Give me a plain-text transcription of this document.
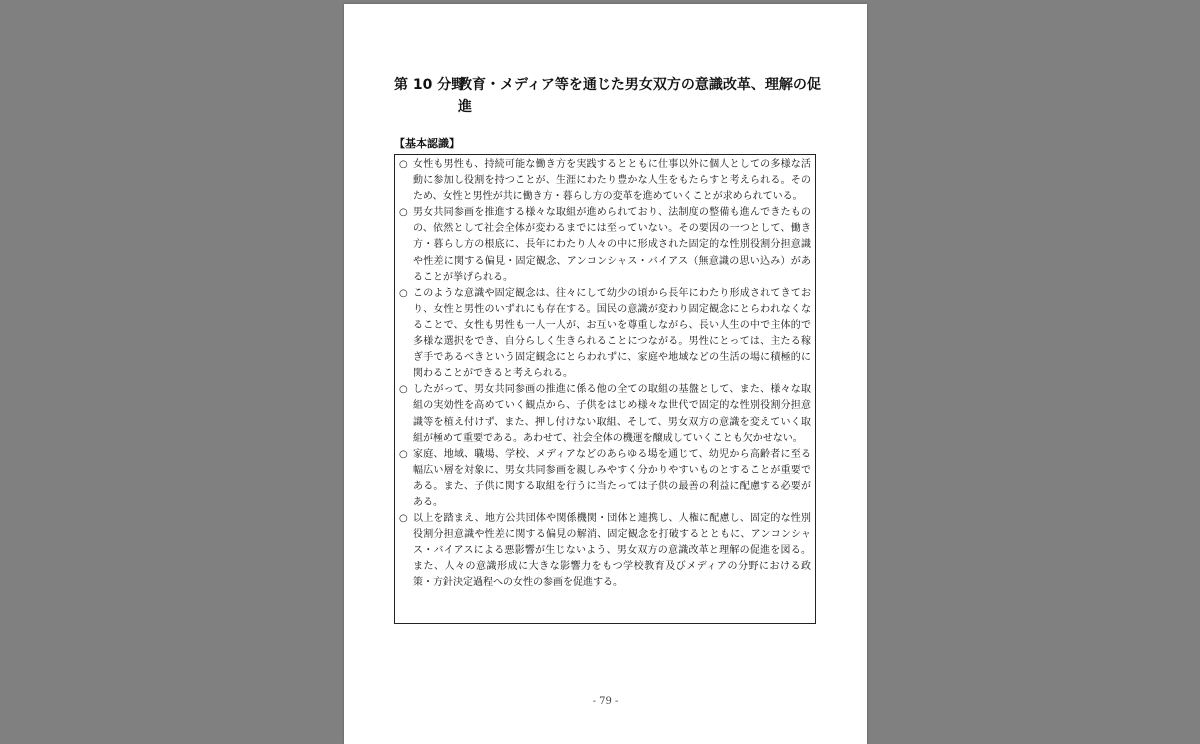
第 10 分野
教育・メディア等を通じた男女双方の意識改革、理解の促進
【基本認識】
○ 女性も男性も、持続可能な働き方を実践するとともに仕事以外に個人としての多様な活動に参加し役割を持つことが、生涯にわたり豊かな人生をもたらすと考えられる。そのため、女性と男性が共に働き方・暮らし方の変革を進めていくことが求められている。
○ 男女共同参画を推進する様々な取組が進められており、法制度の整備も進んできたものの、依然として社会全体が変わるまでには至っていない。その要因の一つとして、働き方・暮らし方の根底に、長年にわたり人々の中に形成された固定的な性別役割分担意識や性差に関する偏見・固定観念、アンコンシャス・バイアス（無意識の思い込み）があることが挙げられる。
○ このような意識や固定観念は、往々にして幼少の頃から長年にわたり形成されてきており、女性と男性のいずれにも存在する。国民の意識が変わり固定観念にとらわれなくなることで、女性も男性も一人一人が、お互いを尊重しながら、長い人生の中で主体的で多様な選択をでき、自分らしく生きられることにつながる。男性にとっては、主たる稼ぎ手であるべきという固定観念にとらわれずに、家庭や地域などの生活の場に積極的に関わることができると考えられる。
○ したがって、男女共同参画の推進に係る他の全ての取組の基盤として、また、様々な取組の実効性を高めていく観点から、子供をはじめ様々な世代で固定的な性別役割分担意識等を植え付けず、また、押し付けない取組、そして、男女双方の意識を変えていく取組が極めて重要である。あわせて、社会全体の機運を醸成していくことも欠かせない。
○ 家庭、地域、職場、学校、メディアなどのあらゆる場を通じて、幼児から高齢者に至る幅広い層を対象に、男女共同参画を親しみやすく分かりやすいものとすることが重要である。また、子供に関する取組を行うに当たっては子供の最善の利益に配慮する必要がある。
○ 以上を踏まえ、地方公共団体や関係機関・団体と連携し、人権に配慮し、固定的な性別役割分担意識や性差に関する偏見の解消、固定観念を打破するとともに、アンコンシャス・バイアスによる悪影響が生じないよう、男女双方の意識改革と理解の促進を図る。また、人々の意識形成に大きな影響力をもつ学校教育及びメディアの分野における政策・方針決定過程への女性の参画を促進する。
- 79 -
